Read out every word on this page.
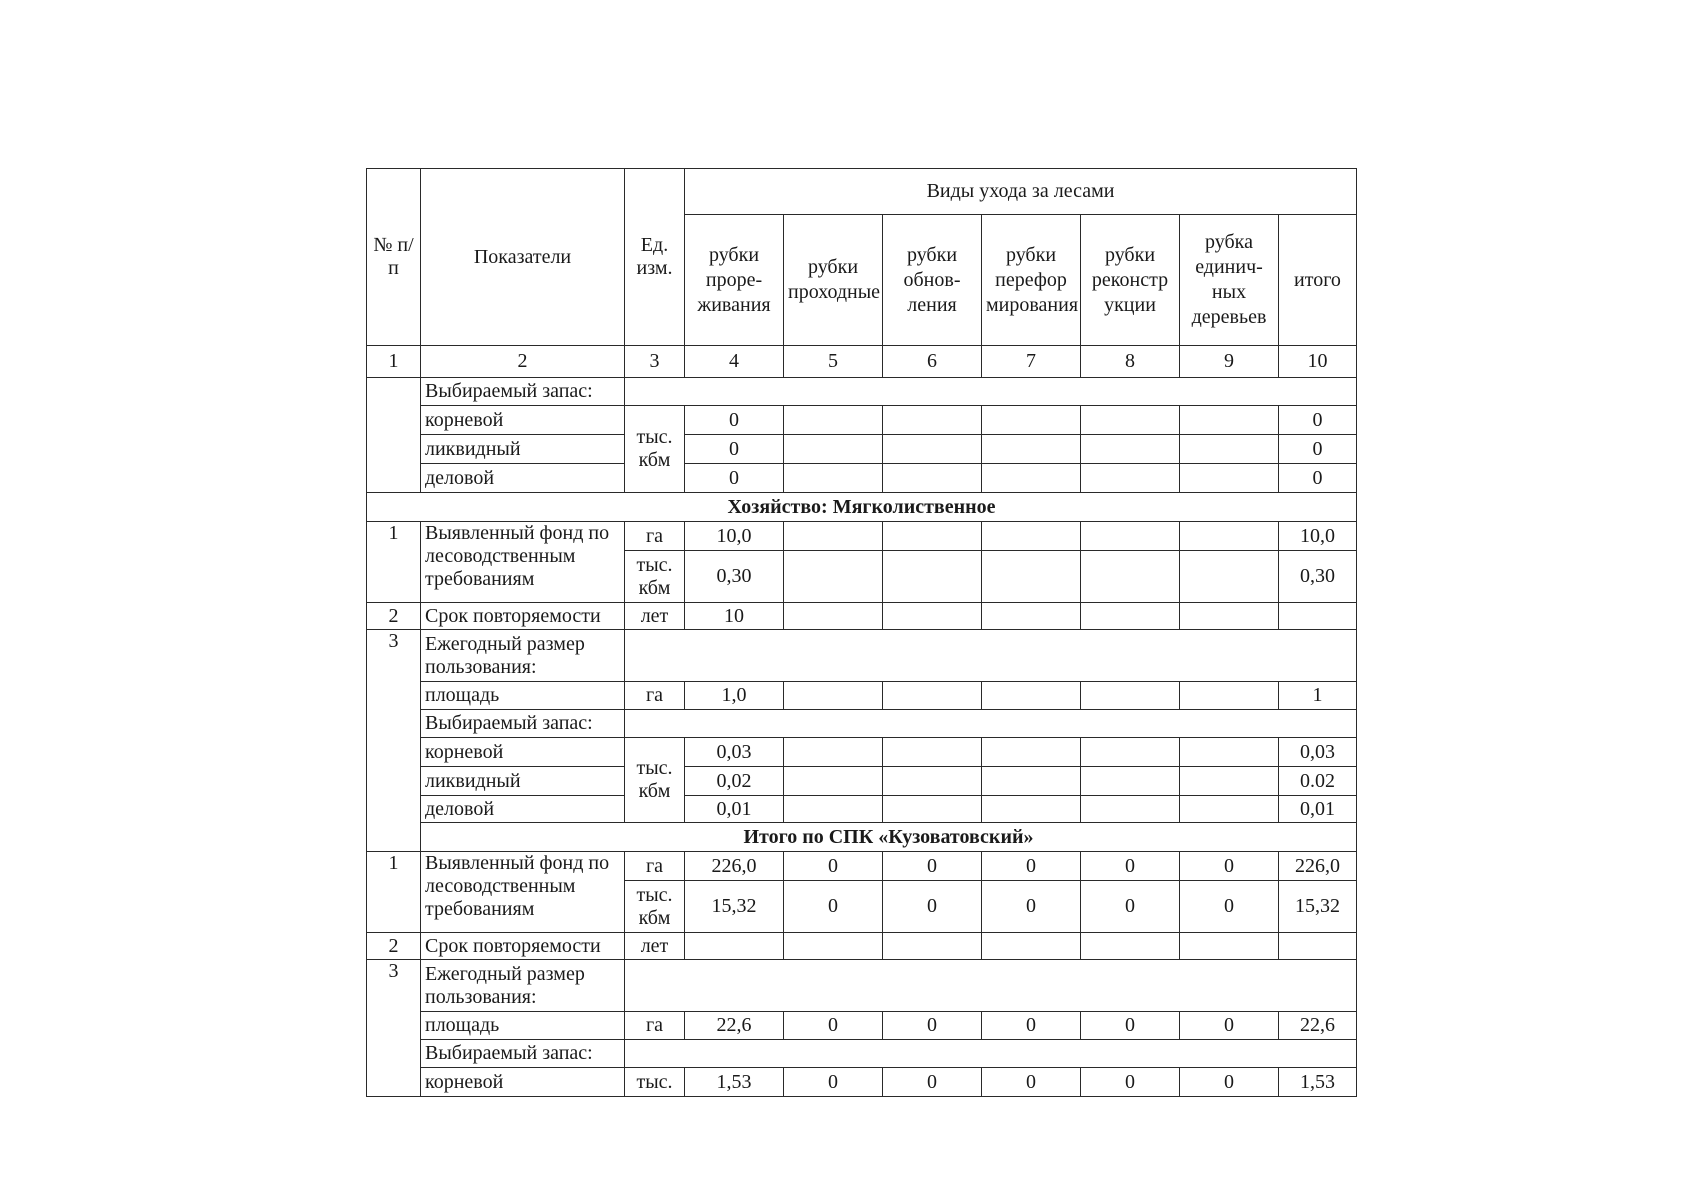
№ п/п	Показатели	Ед. изм.	Виды ухода за лесами						
			рубки проре-живания	рубки проходные	рубки обнов-ления	рубки перефор мирования	рубки реконстр укции	рубка единич-ных деревьев	итого
1	2	3	4	5	6	7	8	9	10
	Выбираемый запас:								
	корневой	тыс. кбм	0						0
	ликвидный		0						0
	деловой		0						0
Хозяйство: Мягколиственное									
1	Выявленный фонд по лесоводственным требованиям	га	10,0						10,0
		тыс. кбм	0,30						0,30
2	Срок повторяемости	лет	10						
3	Ежегодный размер пользования:								
	площадь	га	1,0						1
	Выбираемый запас:								
	корневой	тыс. кбм	0,03						0,03
	ликвидный		0,02						0.02
	деловой		0,01						0,01
	Итого по СПК «Кузоватовский»								
1	Выявленный фонд по лесоводственным требованиям	га	226,0	0	0	0	0	0	226,0
		тыс. кбм	15,32	0	0	0	0	0	15,32
2	Срок повторяемости	лет							
3	Ежегодный размер пользования:								
	площадь	га	22,6	0	0	0	0	0	22,6
	Выбираемый запас:								
	корневой	тыс.	1,53	0	0	0	0	0	1,53
